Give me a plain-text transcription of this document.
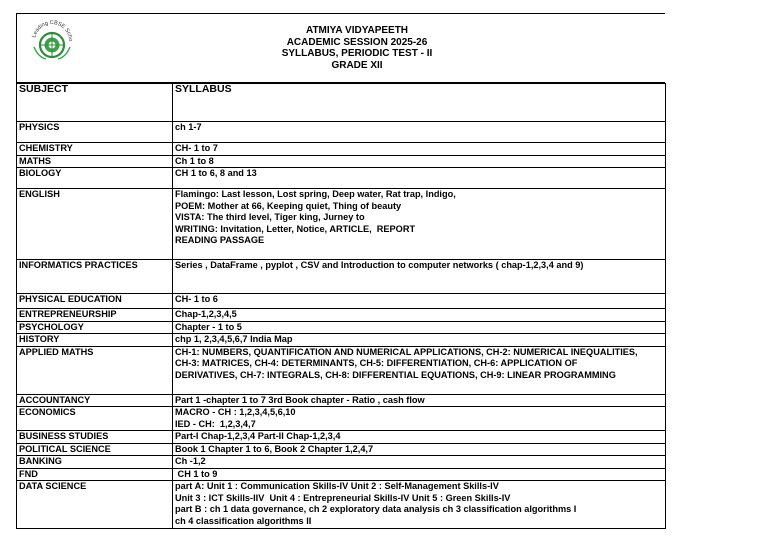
Leading CBSE Scho
ATMIYA VIDYAPEETH
ACADEMIC SESSION 2025-26
SYLLABUS, PERIODIC TEST - II
GRADE XII
SUBJECT	SYLLABUS
PHYSICS	ch 1-7

CHEMISTRY	CH- 1 to 7

MATHS	Ch 1 to 8

BIOLOGY	CH 1 to 6, 8 and 13

ENGLISH	Flamingo: Last lesson, Lost spring, Deep water, Rat trap, Indigo,
POEM: Mother at 66, Keeping quiet, Thing of beauty
VISTA: The third level, Tiger king, Jurney to
WRITING: Invitation, Letter, Notice, ARTICLE,  REPORT
READING PASSAGE

INFORMATICS PRACTICES	Series , DataFrame , pyplot , CSV and Introduction to computer networks ( chap-1,2,3,4 and 9)

PHYSICAL EDUCATION	CH- 1 to 6

ENTREPRENEURSHIP	Chap-1,2,3,4,5

PSYCHOLOGY	Chapter - 1 to 5

HISTORY	chp 1, 2,3,4,5,6,7 India Map

APPLIED MATHS	CH-1: NUMBERS, QUANTIFICATION AND NUMERICAL APPLICATIONS, CH-2: NUMERICAL INEQUALITIES,
CH-3: MATRICES, CH-4: DETERMINANTS, CH-5: DIFFERENTIATION, CH-6: APPLICATION OF
DERIVATIVES, CH-7: INTEGRALS, CH-8: DIFFERENTIAL EQUATIONS, CH-9: LINEAR PROGRAMMING

ACCOUNTANCY	Part 1 -chapter 1 to 7 3rd Book chapter - Ratio , cash flow

ECONOMICS	MACRO - CH : 1,2,3,4,5,6,10
IED - CH:  1,2,3,4,7

BUSINESS STUDIES	Part-I Chap-1,2,3,4 Part-II Chap-1,2,3,4

POLITICAL SCIENCE	Book 1 Chapter 1 to 6, Book 2 Chapter 1,2,4,7

BANKING	Ch -1,2

FND	CH 1 to 9

DATA SCIENCE	part A: Unit 1 : Communication Skills-IV Unit 2 : Self-Management Skills-IV
Unit 3 : ICT Skills-IIV  Unit 4 : Entrepreneurial Skills-IV Unit 5 : Green Skills-IV
part B : ch 1 data governance, ch 2 exploratory data analysis ch 3 classification algorithms I
ch 4 classification algorithms II
